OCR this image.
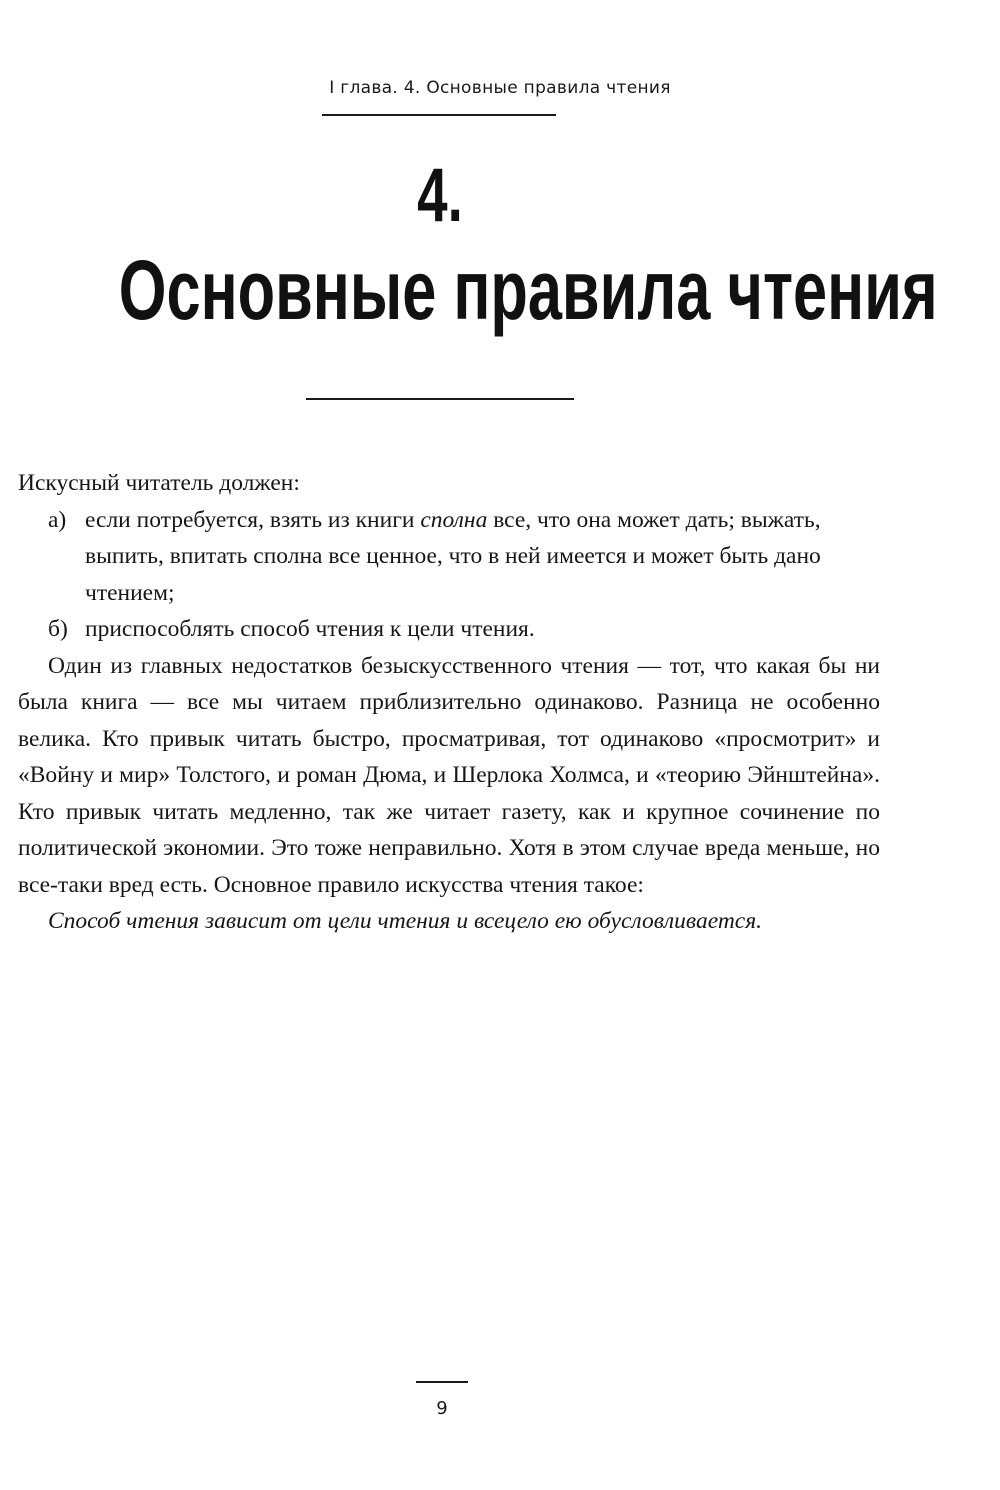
I глава. 4. Основные правила чтения
4.
Основные правила чтения

Искусный читатель должен:

а) если потребуется, взять из книги сполна все, что она может дать; выжать, выпить, впитать сполна все ценное, что в ней имеется и может быть дано чтением;
б) приспособлять способ чтения к цели чтения.

Один из главных недостатков безыскусственного чтения — тот, что какая бы ни была книга — все мы читаем приблизительно одинаково. Разница не особенно велика. Кто привык читать быстро, просматривая, тот одинаково «просмотрит» и «Войну и мир» Толстого, и роман Дюма, и Шерлока Холмса, и «теорию Эйнштейна». Кто привык читать медленно, так же читает газету, как и крупное сочинение по политической экономии. Это тоже неправильно. Хотя в этом случае вреда меньше, но все-таки вред есть. Основное правило искусства чтения такое:

Способ чтения зависит от цели чтения и всецело ею обусловливается.

9
